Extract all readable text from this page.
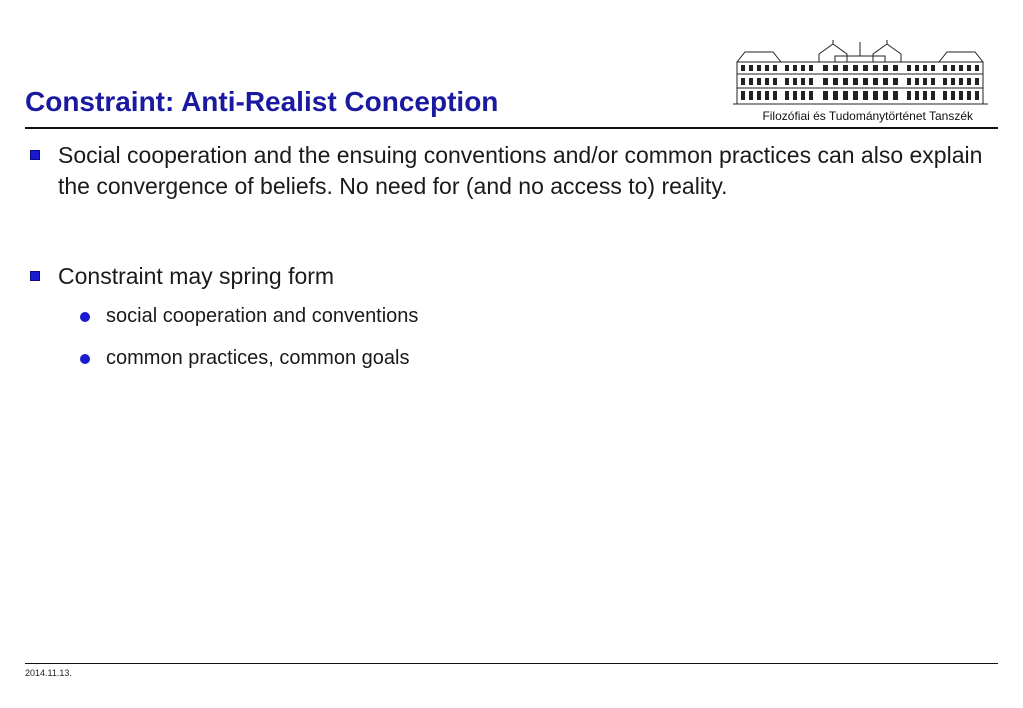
Constraint: Anti-Realist Conception	Filozófiai és Tudománytörténet Tanszék
Social cooperation and the ensuing conventions and/or common practices can also explain the convergence of beliefs. No need for (and no access to) reality.
Constraint may spring form
social cooperation and conventions
common practices, common goals
2014.11.13.
